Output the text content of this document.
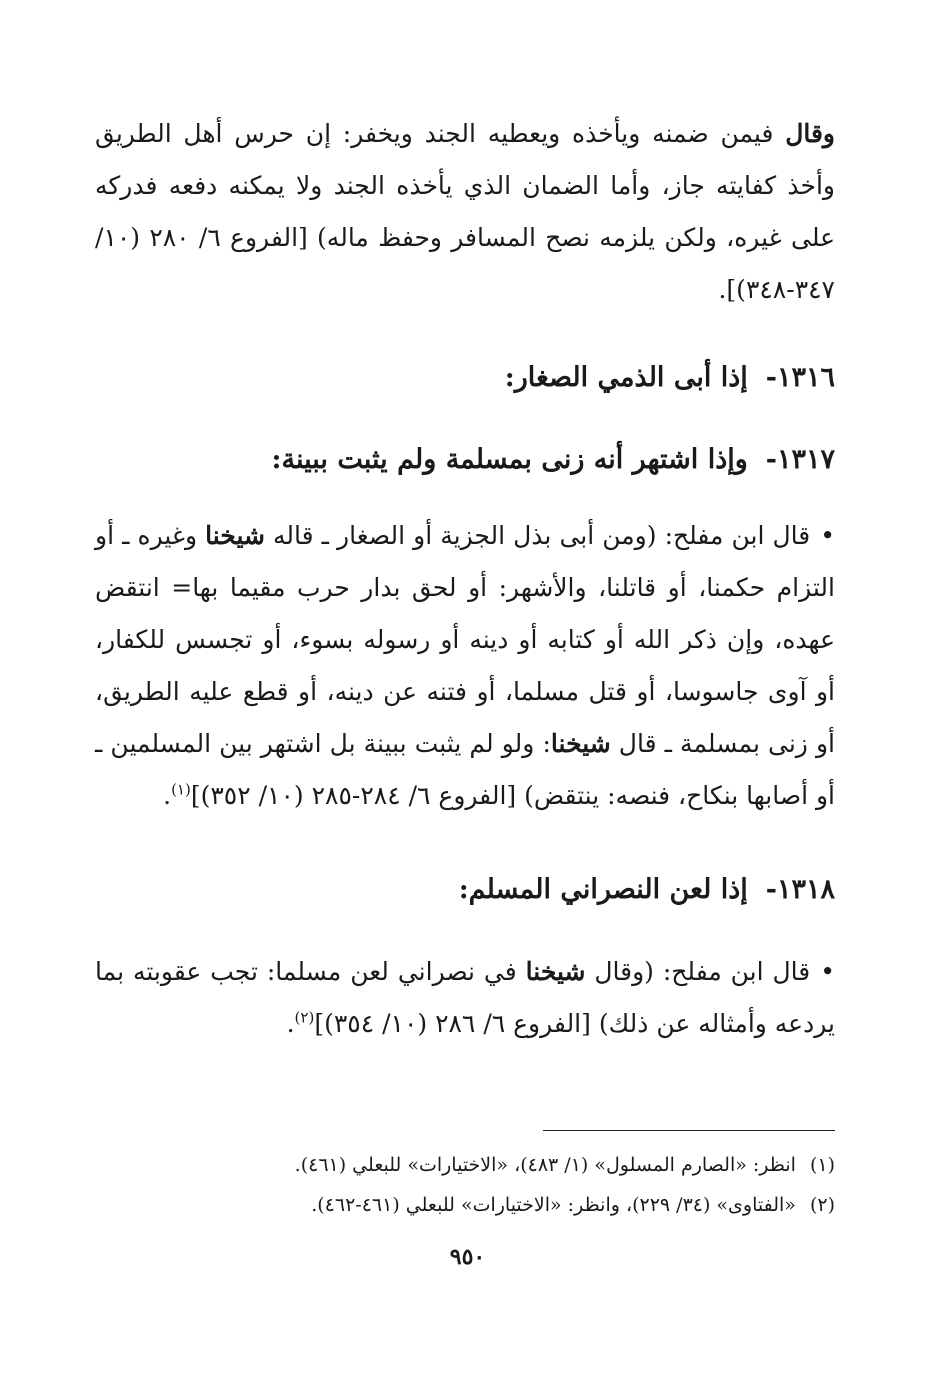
وقال فيمن ضمنه ويأخذه ويعطيه الجند ويخفر: إن حرس أهل الطريق وأخذ كفايته جاز، وأما الضمان الذي يأخذه الجند ولا يمكنه دفعه فدركه على غيره، ولكن يلزمه نصح المسافر وحفظ ماله) [الفروع ٦/ ٢٨٠ (١٠/ ٣٤٧-٣٤٨)].

١٣١٦-إذا أبى الذمي الصغار:
١٣١٧-وإذا اشتهر أنه زنى بمسلمة ولم يثبت ببينة:

•قال ابن مفلح: (ومن أبى بذل الجزية أو الصغار ـ قاله شيخنا وغيره ـ أو التزام حكمنا، أو قاتلنا، والأشهر: أو لحق بدار حرب مقيما بها= انتقض عهده، وإن ذكر الله أو كتابه أو دينه أو رسوله بسوء، أو تجسس للكفار، أو آوى جاسوسا، أو قتل مسلما، أو فتنه عن دينه، أو قطع عليه الطريق، أو زنى بمسلمة ـ قال شيخنا: ولو لم يثبت ببينة بل اشتهر بين المسلمين ـ أو أصابها بنكاح، فنصه: ينتقض) [الفروع ٦/ ٢٨٤-٢٨٥ (١٠/ ٣٥٢)]$^{(١)}$.

١٣١٨-إذا لعن النصراني المسلم:

•قال ابن مفلح: (وقال شيخنا في نصراني لعن مسلما: تجب عقوبته بما يردعه وأمثاله عن ذلك) [الفروع ٦/ ٢٨٦ (١٠/ ٣٥٤)]$^{(٢)}$.

(١)انظر: «الصارم المسلول» (١/ ٤٨٣)، «الاختيارات» للبعلي (٤٦١).
(٢)«الفتاوى» (٣٤/ ٢٢٩)، وانظر: «الاختيارات» للبعلي (٤٦١-٤٦٢).
٩٥٠
